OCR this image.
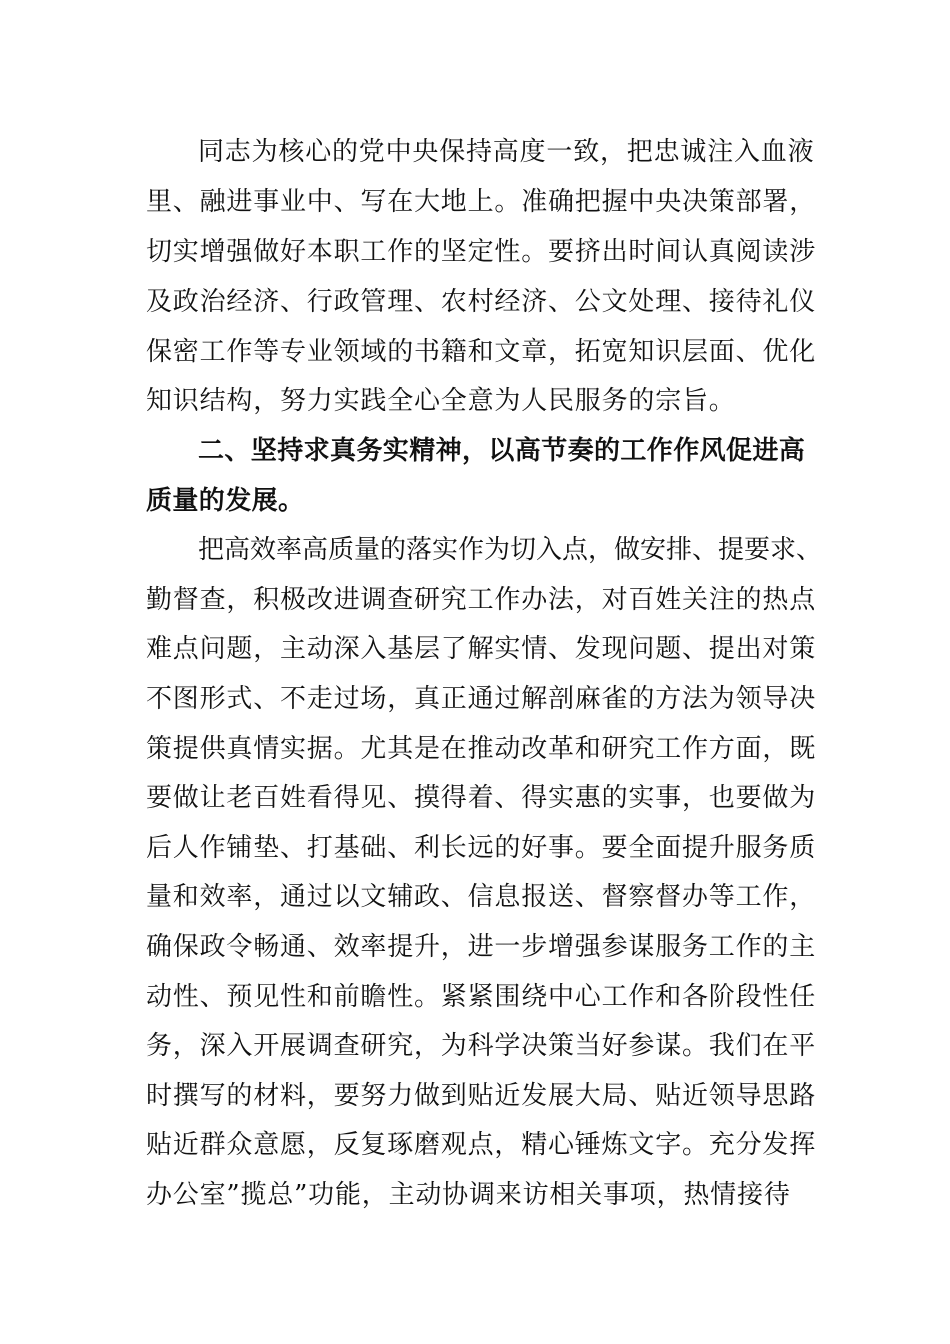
同志为核心的党中央保持高度一致，把忠诚注入血液
里、融进事业中、写在大地上。准确把握中央决策部署，
切实增强做好本职工作的坚定性。要挤出时间认真阅读涉
及政治经济、行政管理、农村经济、公文处理、接待礼仪
保密工作等专业领域的书籍和文章，拓宽知识层面、优化
知识结构，努力实践全心全意为人民服务的宗旨。
二、坚持求真务实精神，以高节奏的工作作风促进高
质量的发展。
把高效率高质量的落实作为切入点，做安排、提要求、
勤督查，积极改进调查研究工作办法，对百姓关注的热点
难点问题，主动深入基层了解实情、发现问题、提出对策
不图形式、不走过场，真正通过解剖麻雀的方法为领导决
策提供真情实据。尤其是在推动改革和研究工作方面，既
要做让老百姓看得见、摸得着、得实惠的实事，也要做为
后人作铺垫、打基础、利长远的好事。要全面提升服务质
量和效率，通过以文辅政、信息报送、督察督办等工作，
确保政令畅通、效率提升，进一步增强参谋服务工作的主
动性、预见性和前瞻性。紧紧围绕中心工作和各阶段性任
务，深入开展调查研究，为科学决策当好参谋。我们在平
时撰写的材料，要努力做到贴近发展大局、贴近领导思路
贴近群众意愿，反复琢磨观点，精心锤炼文字。充分发挥
办公室”揽总”功能，主动协调来访相关事项，热情接待
